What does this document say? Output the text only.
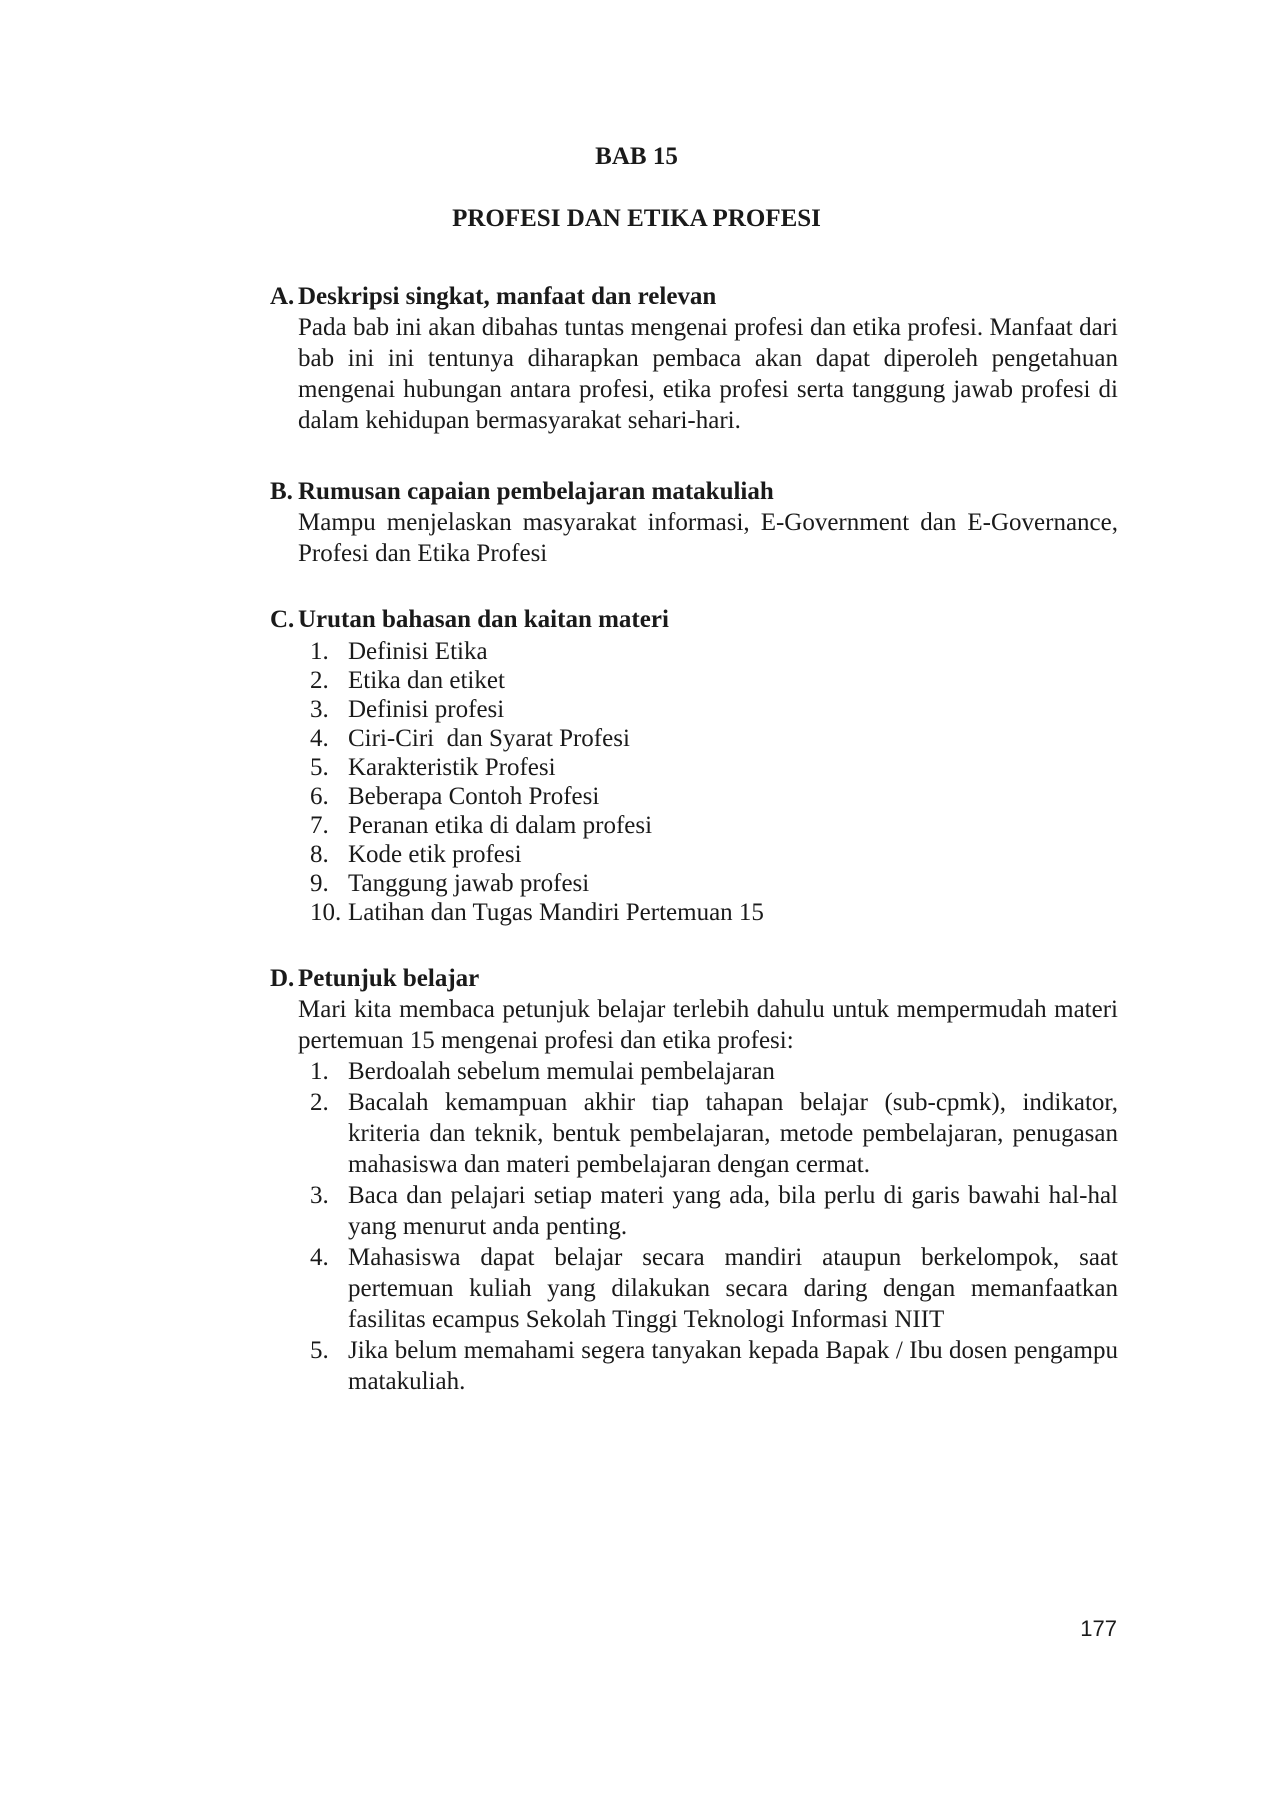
BAB 15
PROFESI DAN ETIKA PROFESI
A. Deskripsi singkat, manfaat dan relevan

Pada bab ini akan dibahas tuntas mengenai profesi dan etika profesi. Manfaat dari bab ini ini tentunya diharapkan pembaca akan dapat diperoleh pengetahuan mengenai hubungan antara profesi, etika profesi serta tanggung jawab profesi di dalam kehidupan bermasyarakat sehari-hari.

B. Rumusan capaian pembelajaran matakuliah

Mampu menjelaskan masyarakat informasi, E-Government dan E-Governance, Profesi dan Etika Profesi

C. Urutan bahasan dan kaitan materi
1. Definisi Etika
2. Etika dan etiket
3. Definisi profesi
4. Ciri-Ciri  dan Syarat Profesi
5. Karakteristik Profesi
6. Beberapa Contoh Profesi
7. Peranan etika di dalam profesi
8. Kode etik profesi
9. Tanggung jawab profesi
10. Latihan dan Tugas Mandiri Pertemuan 15
D. Petunjuk belajar

Mari kita membaca petunjuk belajar terlebih dahulu untuk mempermudah materi pertemuan 15 mengenai profesi dan etika profesi:

1. Berdoalah sebelum memulai pembelajaran
2. Bacalah kemampuan akhir tiap tahapan belajar (sub-cpmk), indikator, kriteria dan teknik, bentuk pembelajaran, metode pembelajaran, penugasan mahasiswa dan materi pembelajaran dengan cermat.
3. Baca dan pelajari setiap materi yang ada, bila perlu di garis bawahi hal-hal yang menurut anda penting.
4. Mahasiswa dapat belajar secara mandiri ataupun berkelompok, saat pertemuan kuliah yang dilakukan secara daring dengan memanfaatkan fasilitas ecampus Sekolah Tinggi Teknologi Informasi NIIT
5. Jika belum memahami segera tanyakan kepada Bapak / Ibu dosen pengampu matakuliah.
177
